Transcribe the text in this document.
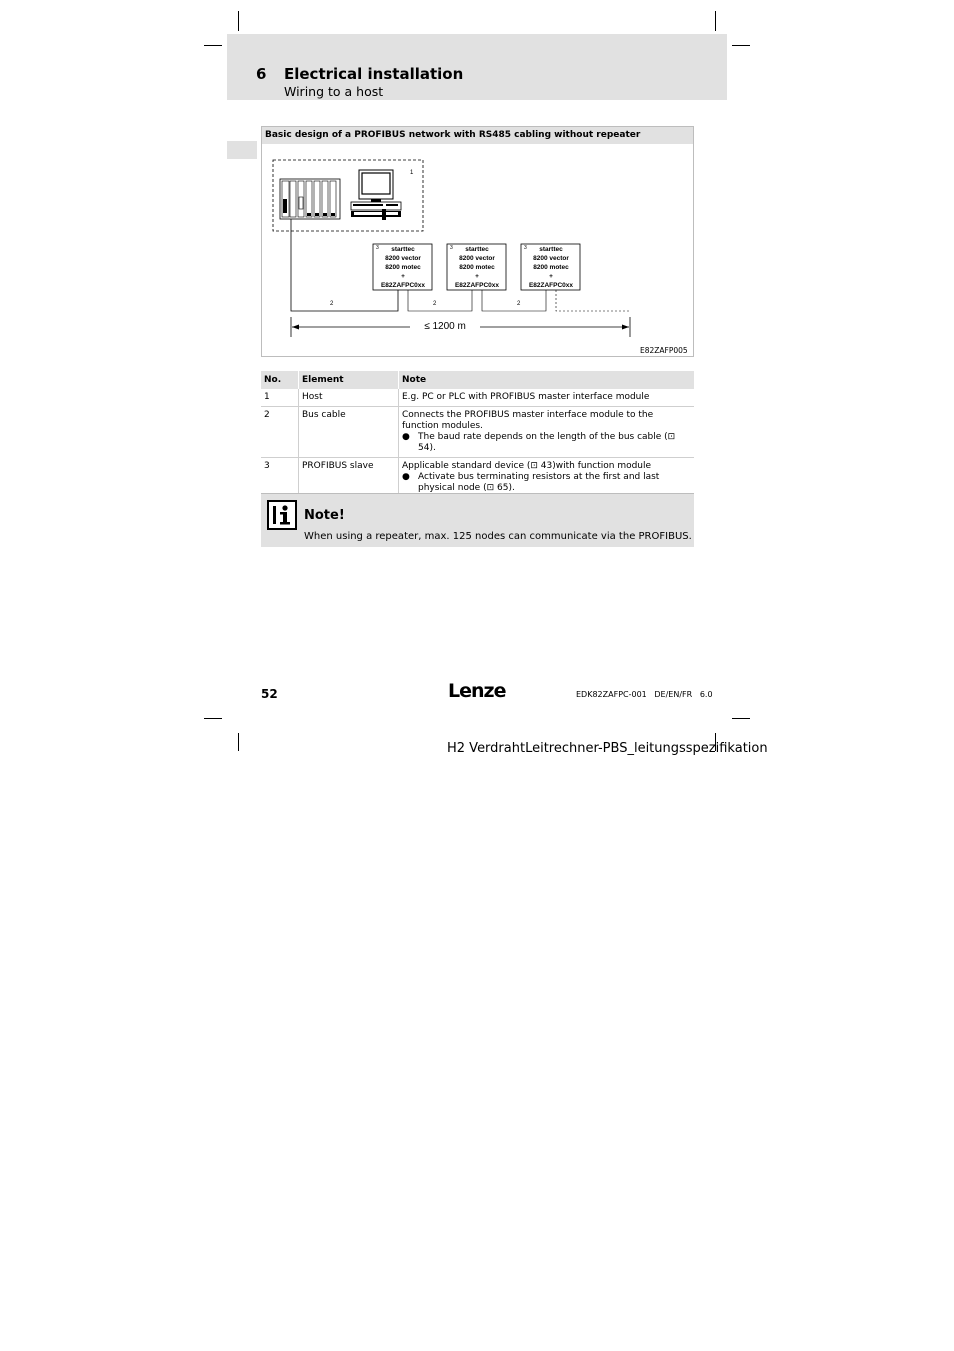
6 Electrical installation
Wiring to a host
Basic design of a PROFIBUS network with RS485 cabling without repeater
1
2	2	2
3 starttec
8200 vector
8200 motec
+
E82ZAFPC0xx
3 starttec
8200 vector
8200 motec
+
E82ZAFPC0xx
3 starttec
8200 vector
8200 motec
+
E82ZAFPC0xx
≤ 1200 m
E82ZAFP005
No.	Element	Note
1	Host	E.g. PC or PLC with PROFIBUS master interface module
2	Bus cable	Connects the PROFIBUS master interface module to the function modules.
● The baud rate depends on the length of the bus cable (⊡ 54).

3	PROFIBUS slave	Applicable standard device (⊡ 43)with function module
● Activate bus terminating resistors at the first and last physical node (⊡ 65).
Note!
When using a repeater, max. 125 nodes can communicate via the PROFIBUS.
52	Lenze	EDK82ZAFPC-001   DE/EN/FR   6.0
H2 VerdrahtLeitrechner-PBS_leitungsspezifikation
